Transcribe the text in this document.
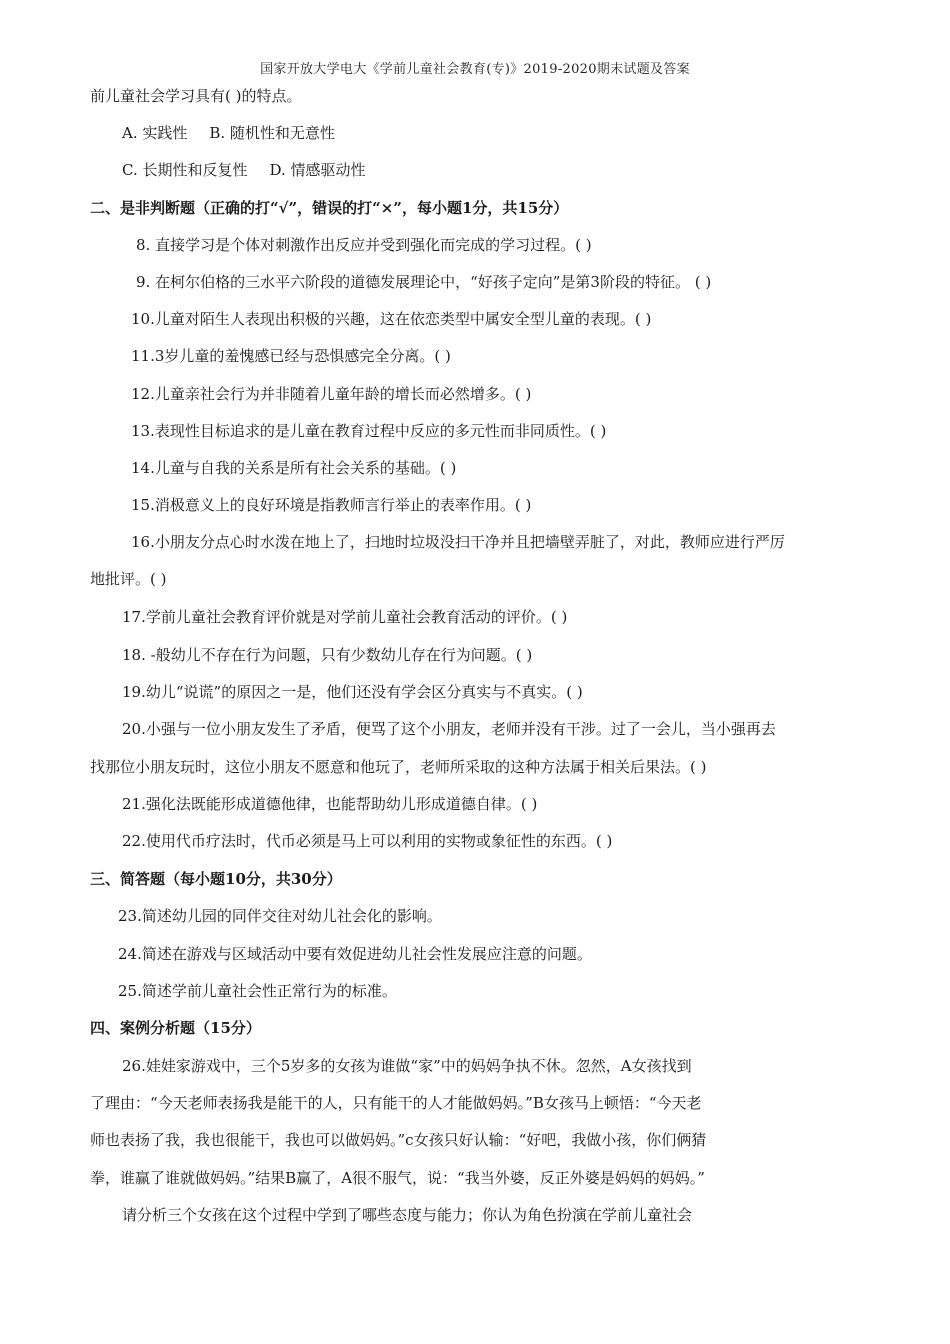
国家开放大学电大《学前儿童社会教育(专)》2019-2020期末试题及答案
前儿童社会学习具有( )的特点。
A. 实践性 B. 随机性和无意性
C. 长期性和反复性 D. 情感驱动性
二、是非判断题（正确的打“√”，错误的打“×”，每小题1分，共15分）
8. 直接学习是个体对刺激作出反应并受到强化而完成的学习过程。( )
9. 在柯尔伯格的三水平六阶段的道德发展理论中，“好孩子定向”是第3阶段的特征。 ( )
10.儿童对陌生人表现出积极的兴趣，这在依恋类型中属安全型儿童的表现。( )
11.3岁儿童的羞愧感已经与恐惧感完全分离。( )
12.儿童亲社会行为并非随着儿童年龄的增长而必然增多。( )
13.表现性目标追求的是儿童在教育过程中反应的多元性而非同质性。( )
14.儿童与自我的关系是所有社会关系的基础。( )
15.消极意义上的良好环境是指教师言行举止的表率作用。( )
16.小朋友分点心时水泼在地上了，扫地时垃圾没扫干净并且把墙壁弄脏了，对此，教师应进行严厉
地批评。( )
17.学前儿童社会教育评价就是对学前儿童社会教育活动的评价。( )
18. -般幼儿不存在行为问题，只有少数幼儿存在行为问题。( )
19.幼儿“说谎”的原因之一是，他们还没有学会区分真实与不真实。( )
20.小强与一位小朋友发生了矛盾，便骂了这个小朋友，老师并没有干涉。过了一会儿，当小强再去
找那位小朋友玩时，这位小朋友不愿意和他玩了，老师所采取的这种方法属于相关后果法。( )
21.强化法既能形成道德他律，也能帮助幼儿形成道德自律。( )
22.使用代币疗法时，代币必须是马上可以利用的实物或象征性的东西。( )
三、简答题（每小题10分，共30分）
23.简述幼儿园的同伴交往对幼儿社会化的影响。
24.简述在游戏与区域活动中要有效促进幼儿社会性发展应注意的问题。
25.简述学前儿童社会性正常行为的标准。
四、案例分析题（15分）
26.娃娃家游戏中，三个5岁多的女孩为谁做“家”中的妈妈争执不休。忽然，A女孩找到
了理由：“今天老师表扬我是能干的人，只有能干的人才能做妈妈。”B女孩马上顿悟：“今天老
师也表扬了我，我也很能干，我也可以做妈妈。”c女孩只好认输：“好吧，我做小孩，你们俩猜
拳，谁赢了谁就做妈妈。”结果B赢了，A很不服气，说：“我当外婆，反正外婆是妈妈的妈妈。”
请分析三个女孩在这个过程中学到了哪些态度与能力；你认为角色扮演在学前儿童社会
